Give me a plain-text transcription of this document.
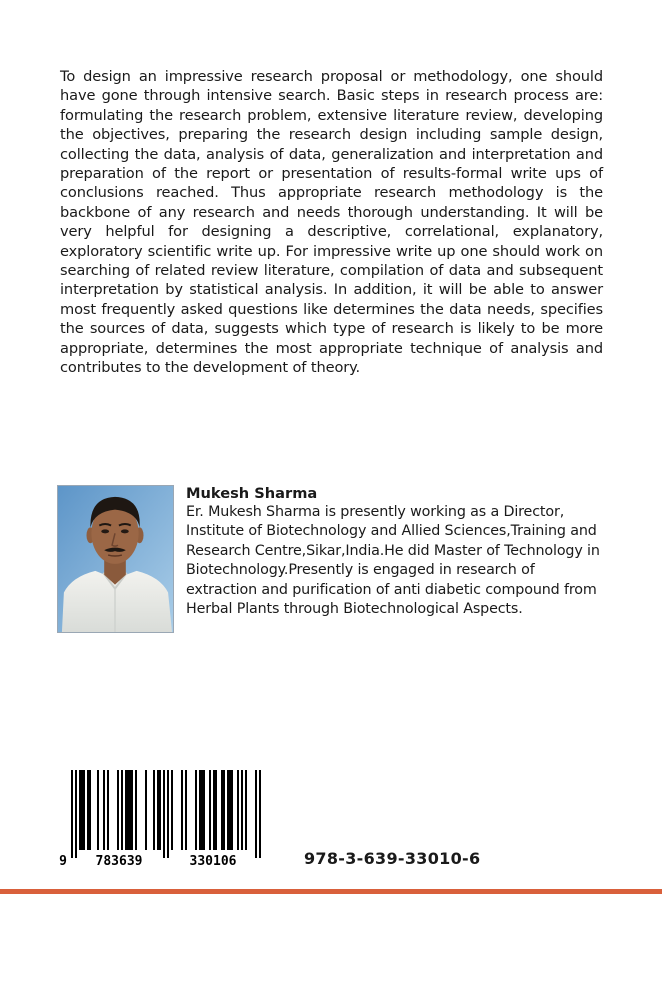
To design an impressive research proposal or methodology, one should have gone through intensive search. Basic steps in research process are: formulating the research problem, extensive literature review, developing the objectives, preparing the research design including sample design, collecting the data, analysis of data, generalization and interpretation and preparation of the report or presentation of results-formal write ups of conclusions reached. Thus appropriate research methodology is the backbone of any research and needs thorough understanding. It will be very helpful for designing a descriptive, correlational, explanatory, exploratory scientific write up. For impressive write up one should work on searching of related review literature, compilation of data and subsequent interpretation by statistical analysis. In addition, it will be able to answer most frequently asked questions like determines the data needs, specifies the sources of data, suggests which type of research is likely to be more appropriate, determines the most appropriate technique of analysis and contributes to the development of theory.

Mukesh Sharma

Er. Mukesh Sharma is presently working as a Director,
Institute of Biotechnology and Allied Sciences,Training and
Research Centre,Sikar,India.He did Master of Technology in
Biotechnology.Presently is engaged in research of
extraction and purification of anti diabetic compound from
Herbal Plants through Biotechnological Aspects.
9 783639	330106	978-3-639-33010-6
